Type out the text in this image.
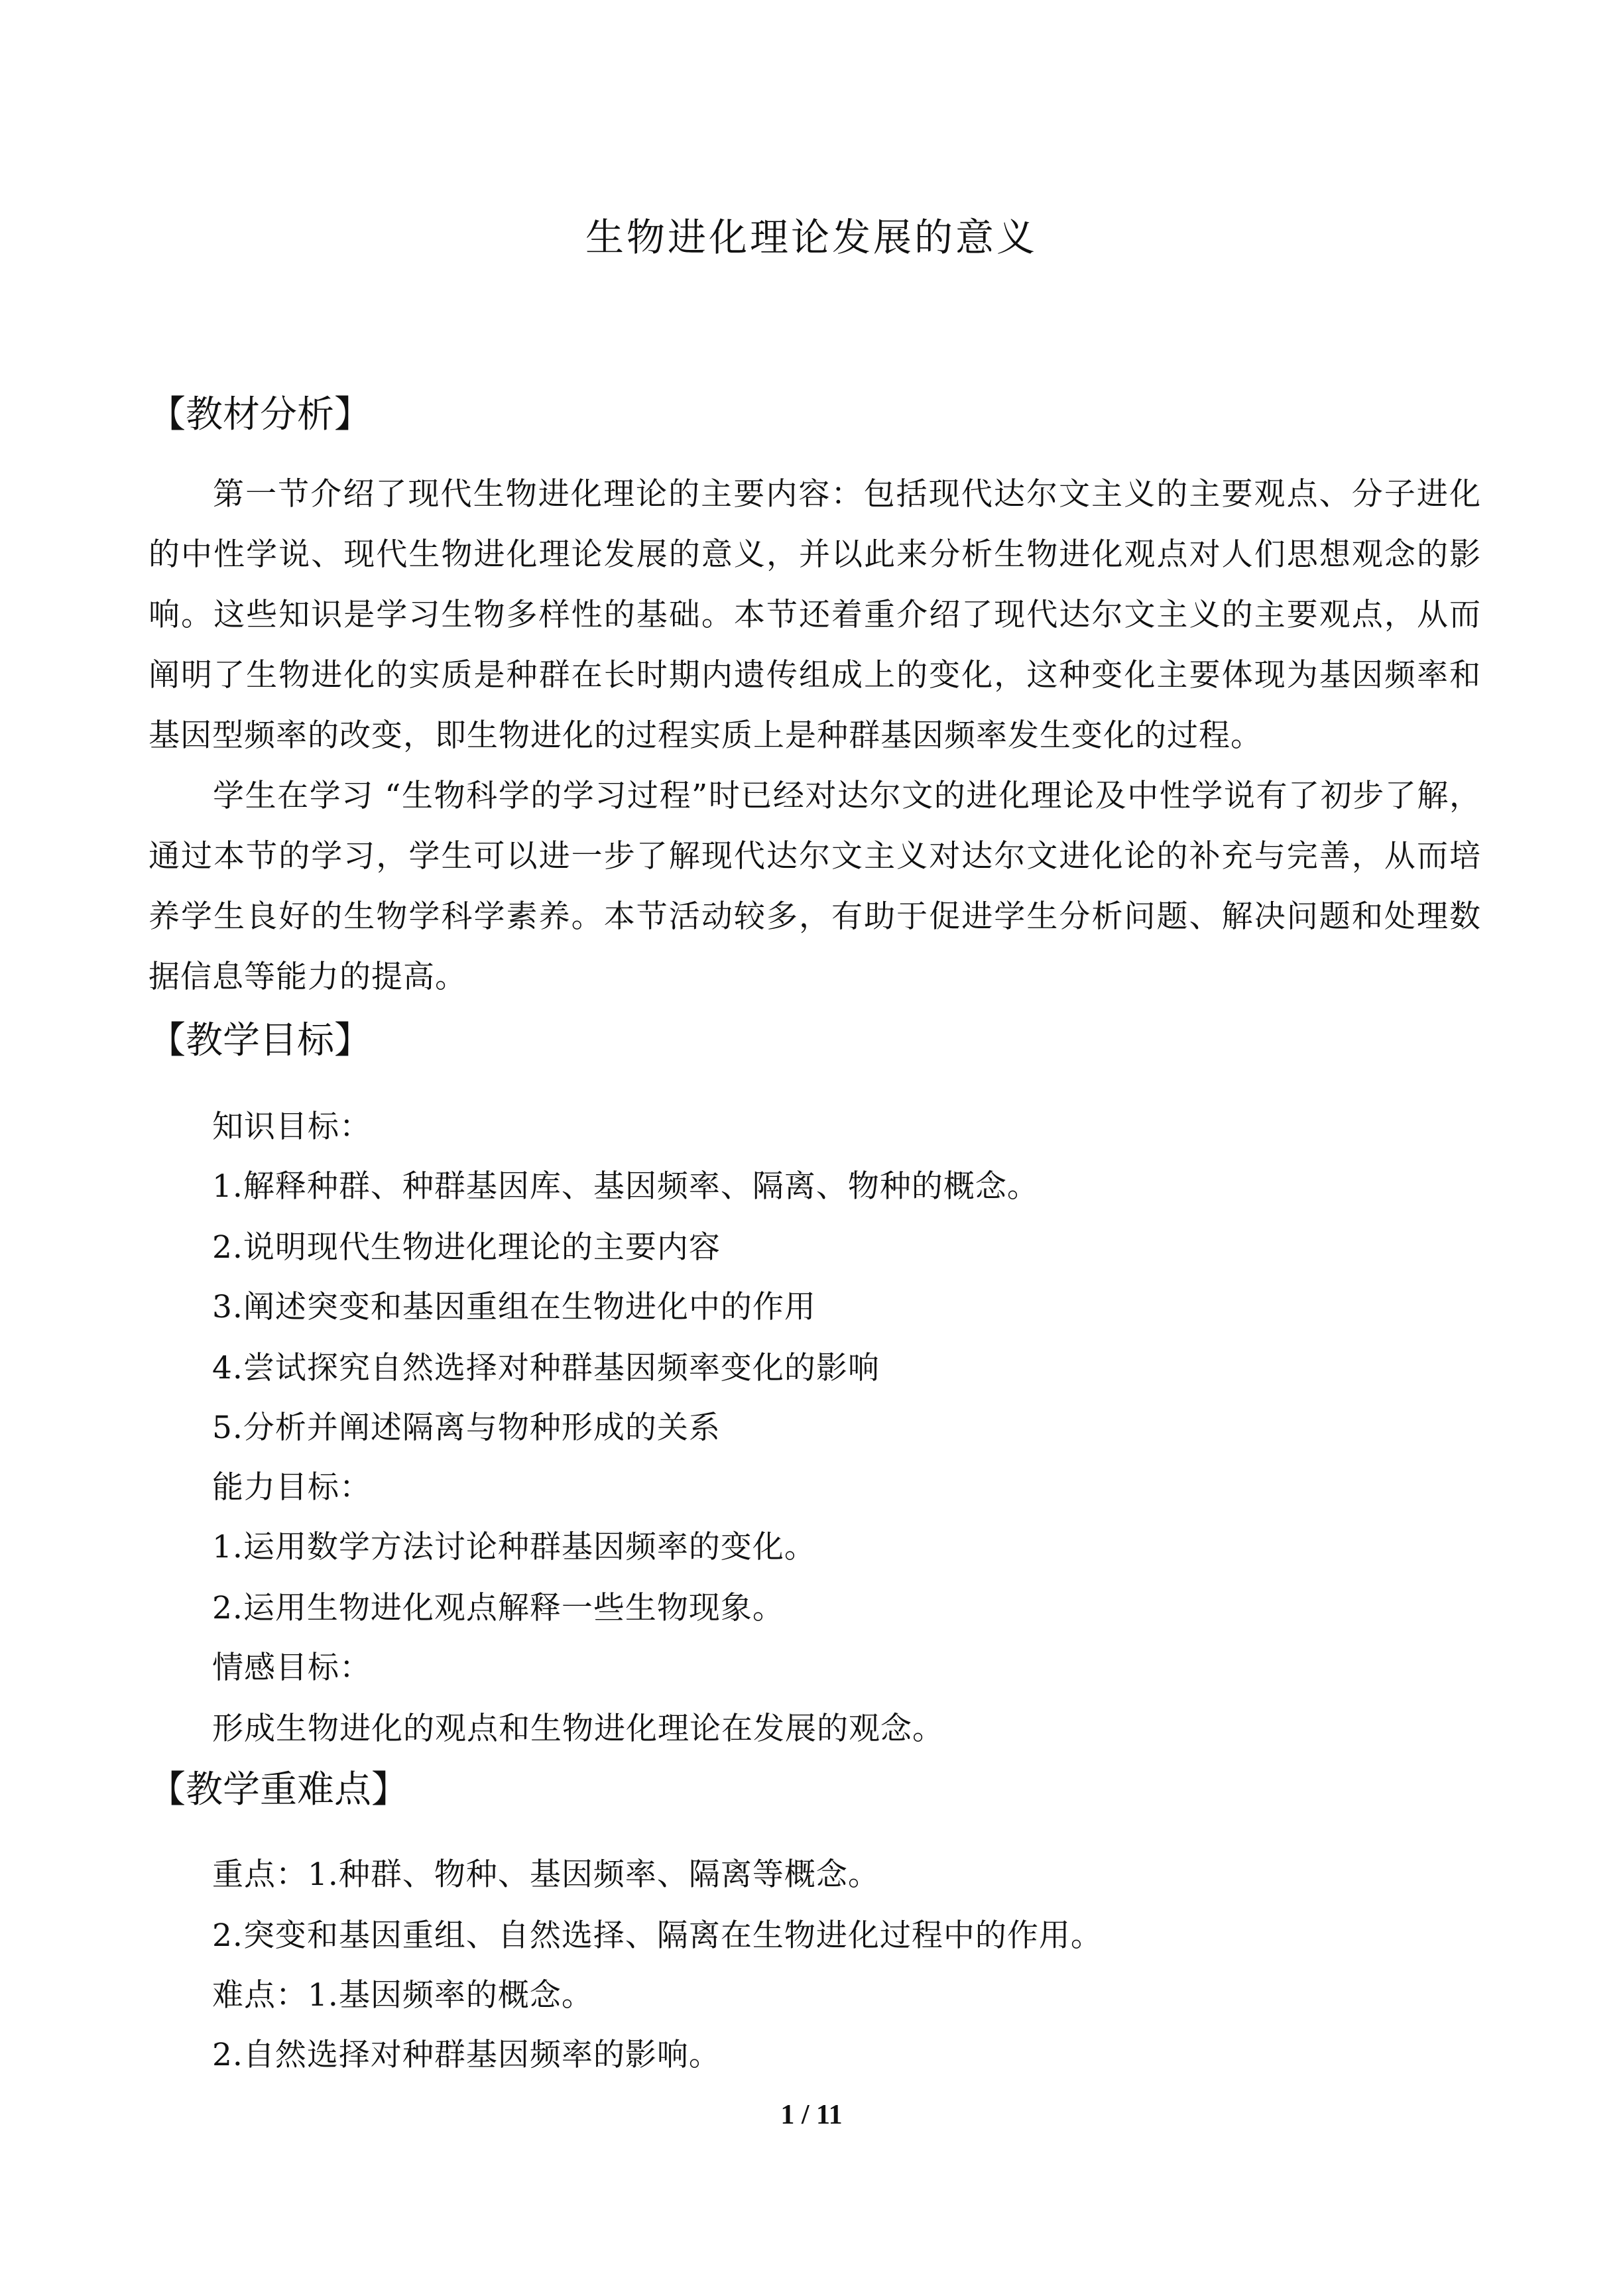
生物进化理论发展的意义
【教材分析】

第一节介绍了现代生物进化理论的主要内容：包括现代达尔文主义的主要观点、分子进化的中性学说、现代生物进化理论发展的意义，并以此来分析生物进化观点对人们思想观念的影响。这些知识是学习生物多样性的基础。本节还着重介绍了现代达尔文主义的主要观点，从而阐明了生物进化的实质是种群在长时期内遗传组成上的变化，这种变化主要体现为基因频率和基因型频率的改变，即生物进化的过程实质上是种群基因频率发生变化的过程。

学生在学习 “生物科学的学习过程”时已经对达尔文的进化理论及中性学说有了初步了解，通过本节的学习，学生可以进一步了解现代达尔文主义对达尔文进化论的补充与完善，从而培养学生良好的生物学科学素养。本节活动较多，有助于促进学生分析问题、解决问题和处理数据信息等能力的提高。

【教学目标】

知识目标：

1.解释种群、种群基因库、基因频率、隔离、物种的概念。

2.说明现代生物进化理论的主要内容

3.阐述突变和基因重组在生物进化中的作用

4.尝试探究自然选择对种群基因频率变化的影响

5.分析并阐述隔离与物种形成的关系

能力目标：

1.运用数学方法讨论种群基因频率的变化。

2.运用生物进化观点解释一些生物现象。

情感目标：

形成生物进化的观点和生物进化理论在发展的观念。

【教学重难点】

重点：1.种群、物种、基因频率、隔离等概念。

2.突变和基因重组、自然选择、隔离在生物进化过程中的作用。

难点：1.基因频率的概念。

2.自然选择对种群基因频率的影响。

1 / 11
